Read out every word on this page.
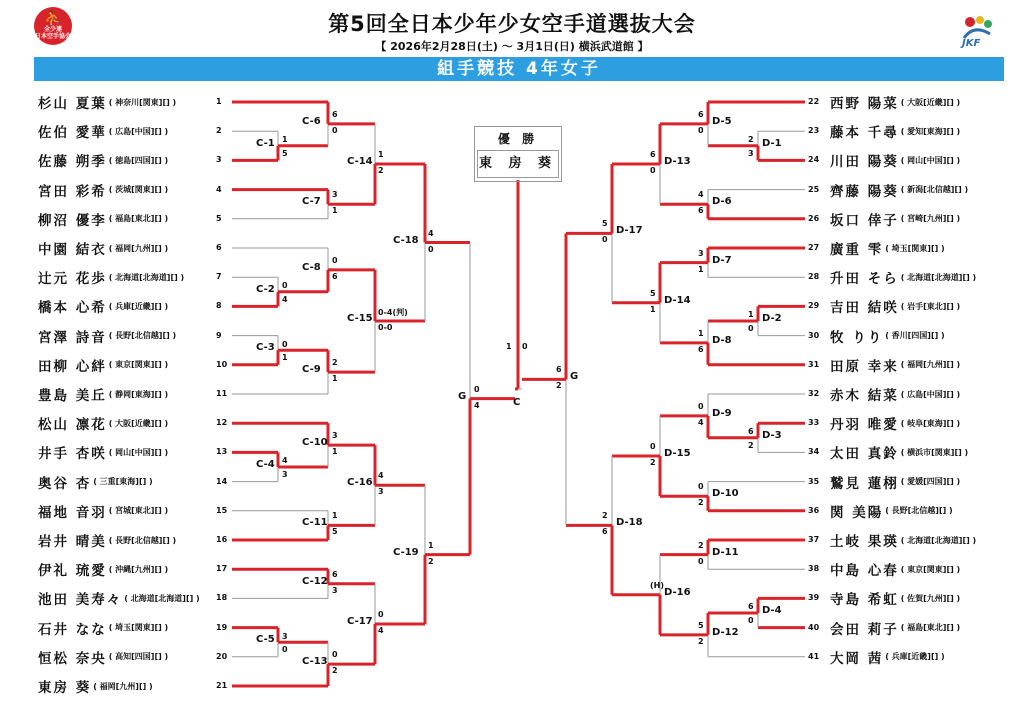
⛹
全少連
日本空手協会
JKF
第5回全日本少年少女空手道選抜大会
【 2026年2月28日(土) ～ 3月1日(日) 横浜武道館 】
組手競技 4年女子
杉山 夏葉 ( 神奈川[関東][] )	1
佐伯 愛華 ( 広島[中国][] )	2
佐藤 朔季 ( 徳島[四国][] )	3
宮田 彩希 ( 茨城[関東][] )	4
柳沼 優李 ( 福島[東北][] )	5
中園 結衣 ( 福岡[九州][] )	6
辻元 花歩 ( 北海道[北海道][] )	7
橋本 心希 ( 兵庫[近畿][] )	8
宮澤 詩音 ( 長野[北信越][] )	9
田柳 心絆 ( 東京[関東][] )	10
豊島 美丘 ( 静岡[東海][] )	11
松山 凛花 ( 大阪[近畿][] )	12
井手 杏咲 ( 岡山[中国][] )	13
奥谷 杏 ( 三重[東海][] )	14
福地 音羽 ( 宮城[東北][] )	15
岩井 晴美 ( 長野[北信越][] )	16
伊礼 琉愛 ( 沖縄[九州][] )	17
池田 美寿々 ( 北海道[北海道][] ) 18
石井 なな ( 埼玉[関東][] )	19
恒松 奈央 ( 高知[四国][] )	20
東房 葵 ( 福岡[九州][] )	21
西野 陽菜 ( 大阪[近畿][] )
22
藤本 千尋 ( 愛知[東海][] )
23
川田 陽葵 ( 岡山[中国][] )
24
齊藤 陽葵 ( 新潟[北信越][] )
25
坂口 倖子 ( 宮崎[九州][] )
26
廣重 雫 ( 埼玉[関東][] )
27
升田 そら ( 北海道[北海道][] )
28
吉田 結咲 ( 岩手[東北][] )
29
牧 りり ( 香川[四国][] )
30
田原 幸来 ( 福岡[九州][] )
31
赤木 結菜 ( 広島[中国][] )
32
丹羽 唯愛 ( 岐阜[東海][] )
33
太田 真鈴 ( 横浜市[関東][] )
34
鷲見 蓮栩 ( 愛媛[四国][] )
35
関 美陽 ( 長野[北信越][] )
36
土岐 果瑛 ( 北海道[北海道][] )
37
中島 心春 ( 東京[関東][] )
38
寺島 希虹 ( 佐賀[九州][] )
39
会田 莉子 ( 福島[東北][] )
40
大岡 茜 ( 兵庫[近畿][] )
41
C-1 1
5
C-2 0
4
C-3 0
1
C-4 4
3
C-5 3
0
C-6
6
0
C-7
3
1
C-8
0
6
C-9
2
1
C-10
3
1
C-11
1
5
C-12
6
3
C-13
0
2
C-14
1
2
C-15
0-4(判)
0-0
C-16
4
3
C-17
0
4
C-18
4
0
C-19
1
2
G
0
4
D-1
2
3
D-2
1
0
D-3
6
2
D-4
6
0
D-5
6
0
D-6
4
6
D-7
3
1
D-8
1
6
D-9
0
4
D-10
0
2
D-11
2
0
D-12
5
2
D-13
6
0
D-14
5
1
D-15
0
2
D-16
(H)
D-17
5
0
D-18
2
6
G
6
2
C
1 0
優 勝
東 房 葵
